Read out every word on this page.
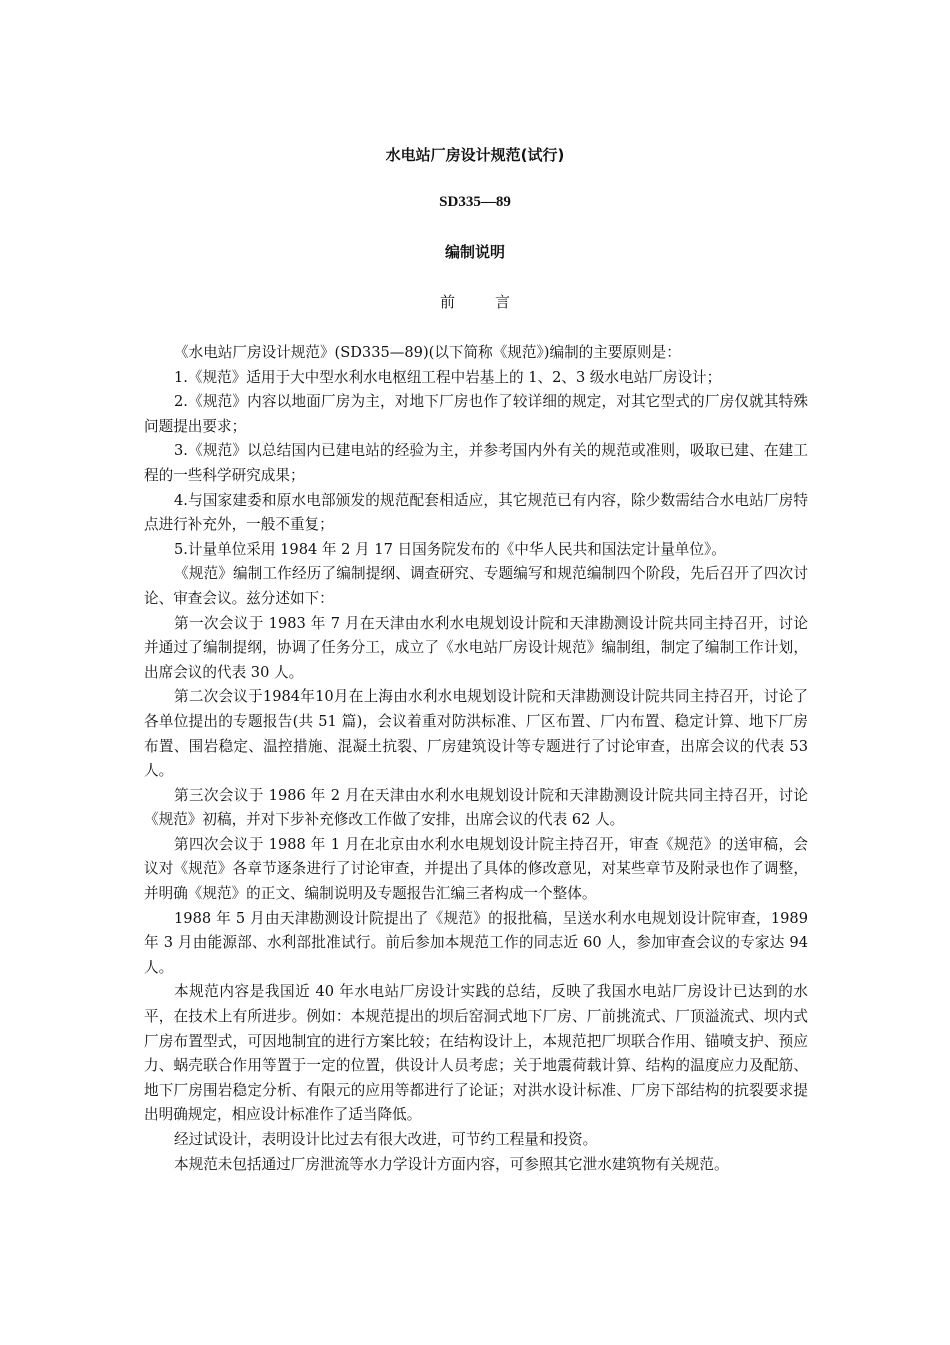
水电站厂房设计规范(试行)
SD335—89
编制说明
前言

《水电站厂房设计规范》(SD335—89)(以下简称《规范》)编制的主要原则是：

1.《规范》适用于大中型水利水电枢纽工程中岩基上的 1、2、3 级水电站厂房设计；

2.《规范》内容以地面厂房为主，对地下厂房也作了较详细的规定，对其它型式的厂房仅就其特殊问题提出要求；

3.《规范》以总结国内已建电站的经验为主，并参考国内外有关的规范或准则，吸取已建、在建工程的一些科学研究成果；

4.与国家建委和原水电部颁发的规范配套相适应，其它规范已有内容，除少数需结合水电站厂房特点进行补充外，一般不重复；

5.计量单位采用 1984 年 2 月 17 日国务院发布的《中华人民共和国法定计量单位》。

《规范》编制工作经历了编制提纲、调查研究、专题编写和规范编制四个阶段，先后召开了四次讨论、审查会议。兹分述如下：

第一次会议于 1983 年 7 月在天津由水利水电规划设计院和天津勘测设计院共同主持召开，讨论并通过了编制提纲，协调了任务分工，成立了《水电站厂房设计规范》编制组，制定了编制工作计划，出席会议的代表 30 人。

第二次会议于1984年10月在上海由水利水电规划设计院和天津勘测设计院共同主持召开，讨论了各单位提出的专题报告(共 51 篇)，会议着重对防洪标准、厂区布置、厂内布置、稳定计算、地下厂房布置、围岩稳定、温控措施、混凝土抗裂、厂房建筑设计等专题进行了讨论审查，出席会议的代表 53 人。

第三次会议于 1986 年 2 月在天津由水利水电规划设计院和天津勘测设计院共同主持召开，讨论《规范》初稿，并对下步补充修改工作做了安排，出席会议的代表 62 人。

第四次会议于 1988 年 1 月在北京由水利水电规划设计院主持召开，审查《规范》的送审稿，会议对《规范》各章节逐条进行了讨论审查，并提出了具体的修改意见，对某些章节及附录也作了调整，并明确《规范》的正文、编制说明及专题报告汇编三者构成一个整体。

1988 年 5 月由天津勘测设计院提出了《规范》的报批稿，呈送水利水电规划设计院审查，1989 年 3 月由能源部、水利部批准试行。前后参加本规范工作的同志近 60 人，参加审查会议的专家达 94 人。

本规范内容是我国近 40 年水电站厂房设计实践的总结，反映了我国水电站厂房设计已达到的水平，在技术上有所进步。例如：本规范提出的坝后窑洞式地下厂房、厂前挑流式、厂顶溢流式、坝内式厂房布置型式，可因地制宜的进行方案比较；在结构设计上，本规范把厂坝联合作用、锚喷支护、预应力、蜗壳联合作用等置于一定的位置，供设计人员考虑；关于地震荷载计算、结构的温度应力及配筋、地下厂房围岩稳定分析、有限元的应用等都进行了论证；对洪水设计标准、厂房下部结构的抗裂要求提出明确规定，相应设计标准作了适当降低。

经过试设计，表明设计比过去有很大改进，可节约工程量和投资。

本规范未包括通过厂房泄流等水力学设计方面内容，可参照其它泄水建筑物有关规范。
